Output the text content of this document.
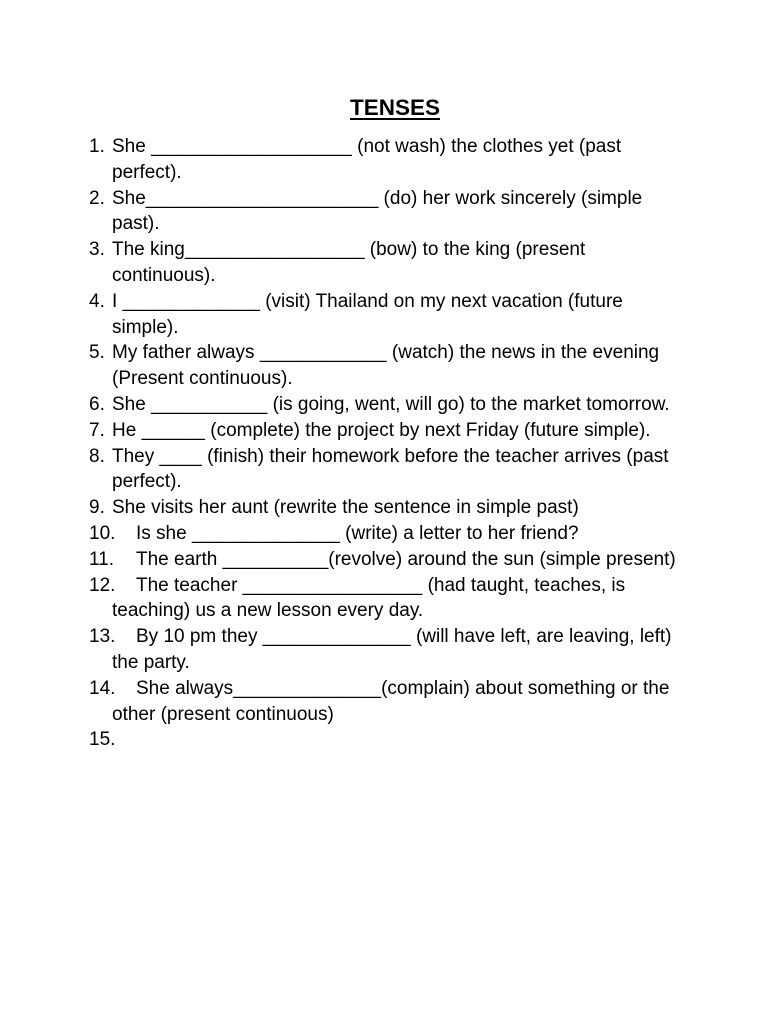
TENSES
1. She ___________________ (not wash) the clothes yet (past perfect).
2. She______________________ (do) her work sincerely (simple past).
3. The king_________________ (bow) to the king (present continuous).
4. I _____________ (visit) Thailand on my next vacation (future simple).
5. My father always ____________ (watch) the news in the evening (Present continuous).
6. She ___________ (is going, went, will go) to the market tomorrow.
7. He ______ (complete) the project by next Friday (future simple).
8. They ____ (finish) their homework before the teacher arrives (past perfect).
9. She visits her aunt (rewrite the sentence in simple past)
10. Is she ______________ (write) a letter to her friend?
11. The earth __________(revolve) around the sun (simple present)
12. The teacher _________________ (had taught, teaches, is teaching) us a new lesson every day.
13. By 10 pm they ______________ (will have left, are leaving, left) the party.
14. She always______________(complain) about something or the other (present continuous)
15.
